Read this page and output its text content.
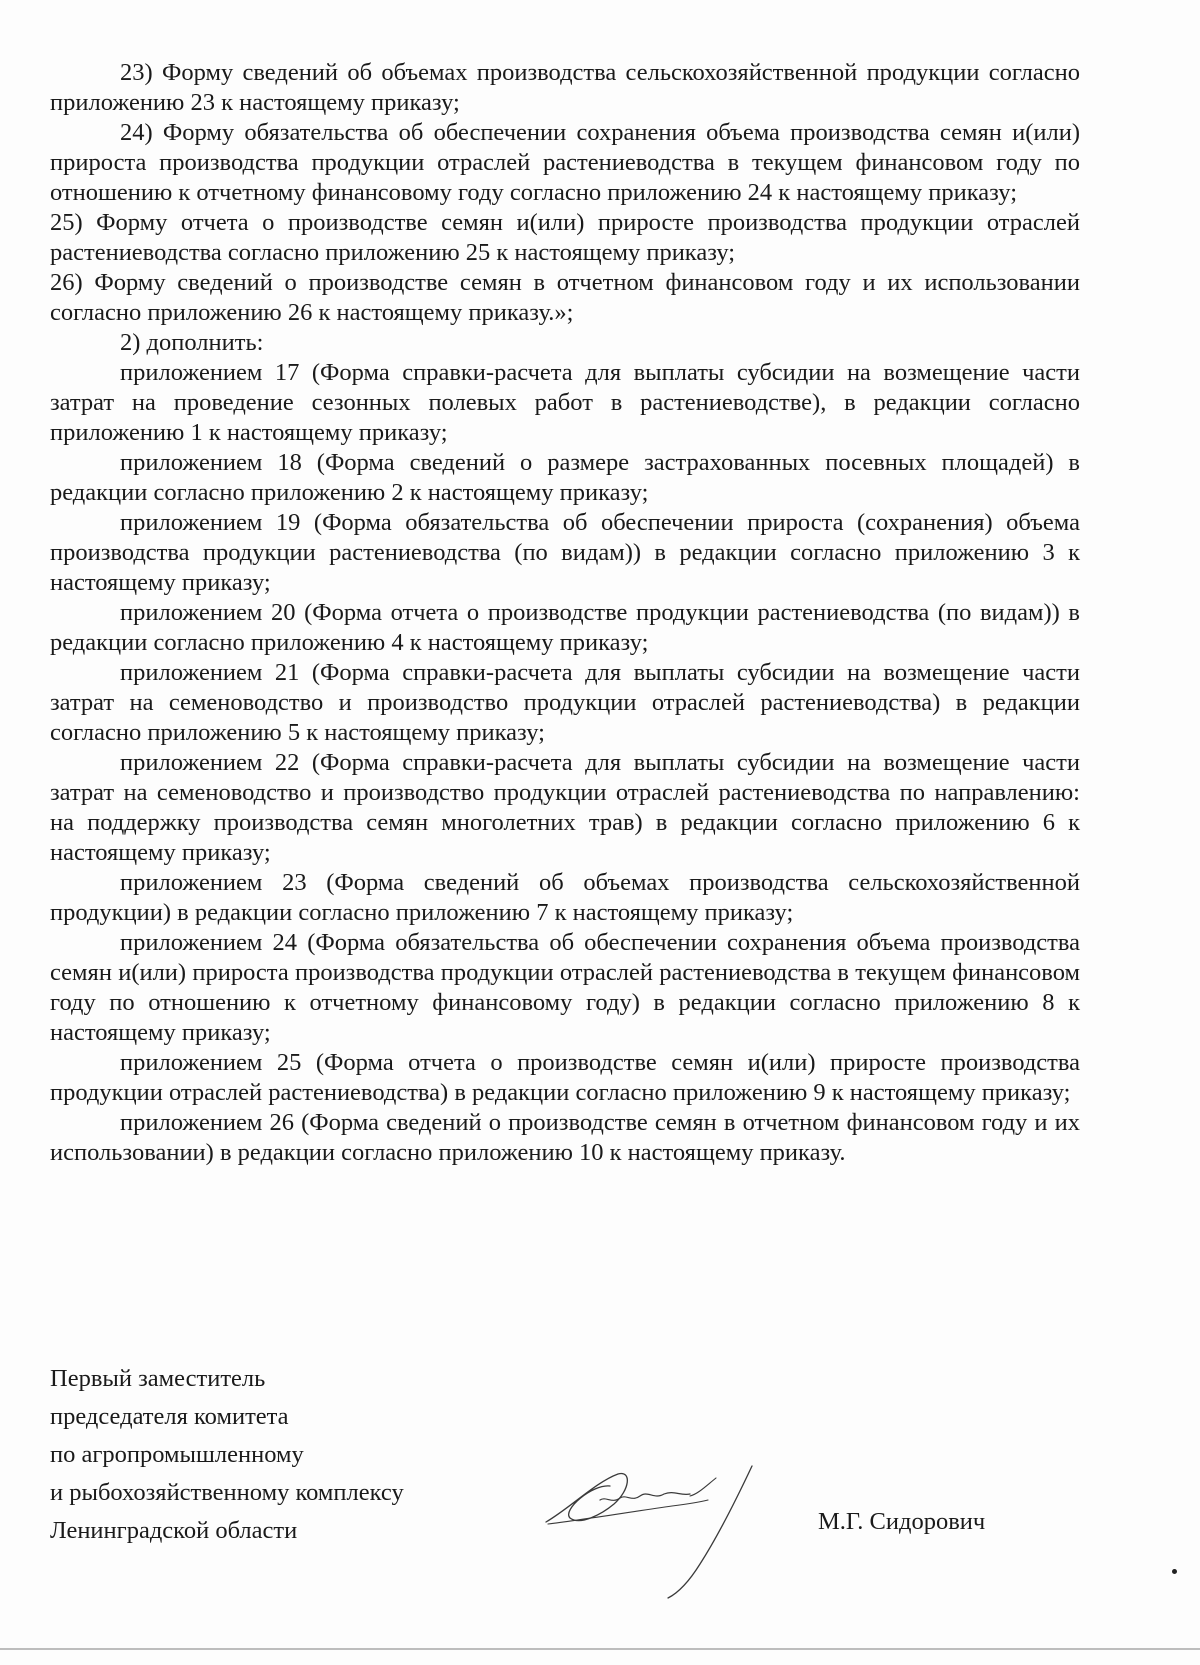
23) Форму сведений об объемах производства сельскохозяйственной продукции согласно приложению 23 к настоящему приказу;

24) Форму обязательства об обеспечении сохранения объема производства семян и(или) прироста производства продукции отраслей растениеводства в текущем финансовом году по отношению к отчетному финансовому году согласно приложению 24 к настоящему приказу;

25) Форму отчета о производстве семян и(или) приросте производства продукции отраслей растениеводства согласно приложению 25 к настоящему приказу;

26) Форму сведений о производстве семян в отчетном финансовом году и их использовании согласно приложению 26 к настоящему приказу.»;

2) дополнить:

приложением 17 (Форма справки-расчета для выплаты субсидии на возмещение части затрат на проведение сезонных полевых работ в растениеводстве), в редакции согласно приложению 1 к настоящему приказу;

приложением 18 (Форма сведений о размере застрахованных посевных площадей) в редакции согласно приложению 2 к настоящему приказу;

приложением 19 (Форма обязательства об обеспечении прироста (сохранения) объема производства продукции растениеводства (по видам)) в редакции согласно приложению 3 к настоящему приказу;

приложением 20 (Форма отчета о производстве продукции растениеводства (по видам)) в редакции согласно приложению 4 к настоящему приказу;

приложением 21 (Форма справки-расчета для выплаты субсидии на возмещение части затрат на семеноводство и производство продукции отраслей растениеводства) в редакции согласно приложению 5 к настоящему приказу;

приложением 22 (Форма справки-расчета для выплаты субсидии на возмещение части затрат на семеноводство и производство продукции отраслей растениеводства по направлению: на поддержку производства семян многолетних трав) в редакции согласно приложению 6 к настоящему приказу;

приложением 23 (Форма сведений об объемах производства сельскохозяйственной продукции) в редакции согласно приложению 7 к настоящему приказу;

приложением 24 (Форма обязательства об обеспечении сохранения объема производства семян и(или) прироста производства продукции отраслей растениеводства в текущем финансовом году по отношению к отчетному финансовому году) в редакции согласно приложению 8 к настоящему приказу;

приложением 25 (Форма отчета о производстве семян и(или) приросте производства продукции отраслей растениеводства) в редакции согласно приложению 9 к настоящему приказу;

приложением 26 (Форма сведений о производстве семян в отчетном финансовом году и их использовании) в редакции согласно приложению 10 к настоящему приказу.

Первый заместитель
председателя комитета
по агропромышленному
и рыбохозяйственному комплексу
Ленинградской области	М.Г. Сидорович
